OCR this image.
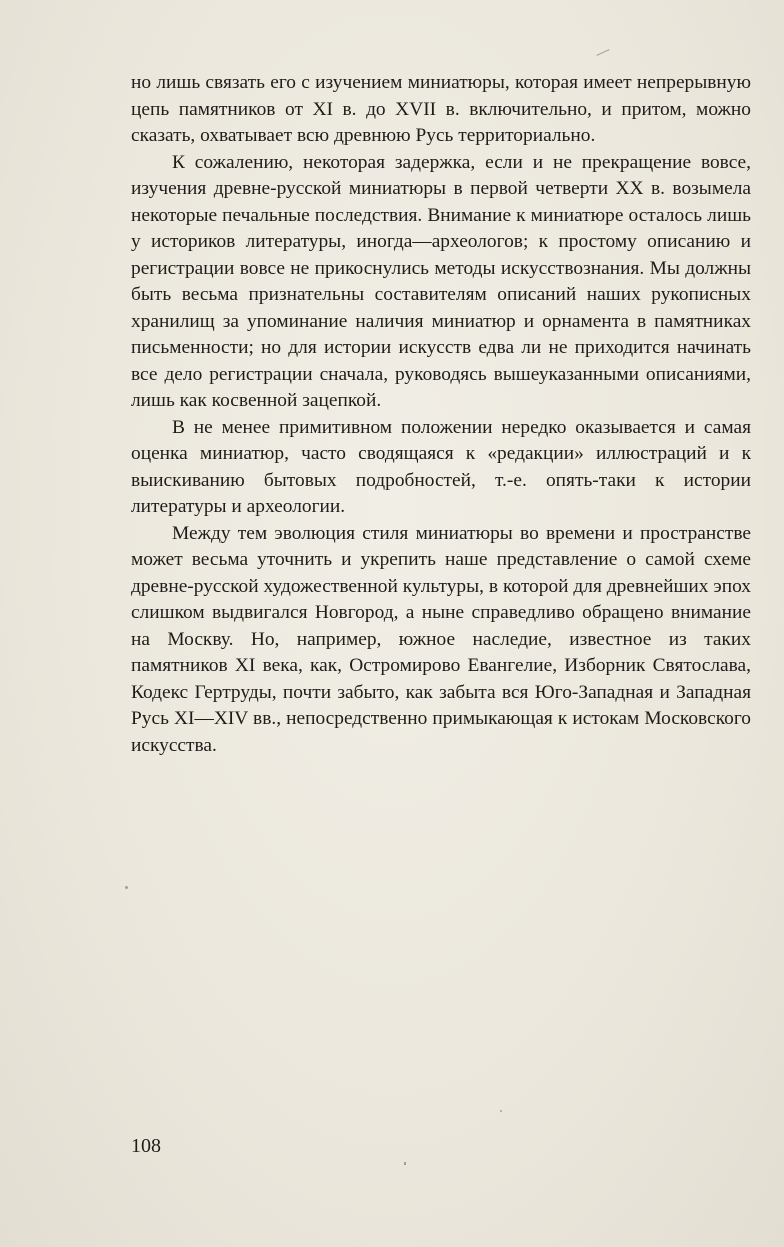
но лишь связать его с изучением миниатюры, которая имеет непрерывную цепь памятников от XI в. до XVII в. включительно, и притом, можно сказать, охватывает всю древнюю Русь территориально.

К сожалению, некоторая задержка, если и не прекращение вовсе, изучения древне-русской миниатюры в первой четверти XX в. возымела некоторые печальные последствия. Внимание к миниатюре осталось лишь у историков литературы, иногда—археологов; к простому описанию и регистрации вовсе не прикоснулись методы искусствознания. Мы должны быть весьма признательны составителям описаний наших рукописных хранилищ за упоминание наличия миниатюр и орнамента в памятниках письменности; но для истории искусств едва ли не приходится начинать все дело регистрации сначала, руководясь вышеуказанными описаниями, лишь как косвенной зацепкой.

В не менее примитивном положении нередко оказывается и самая оценка миниатюр, часто сводящаяся к «редакции» иллюстраций и к выискиванию бытовых подробностей, т.-е. опять-таки к истории литературы и археологии.

Между тем эволюция стиля миниатюры во времени и пространстве может весьма уточнить и укрепить наше представление о самой схеме древне-русской художественной культуры, в которой для древнейших эпох слишком выдвигался Новгород, а ныне справедливо обращено внимание на Москву. Но, например, южное наследие, известное из таких памятников XI века, как, Остромирово Евангелие, Изборник Святослава, Кодекс Гертруды, почти забыто, как забыта вся Юго-Западная и Западная Русь XI—XIV вв., непосредственно примыкающая к истокам Московского искусства.

108
